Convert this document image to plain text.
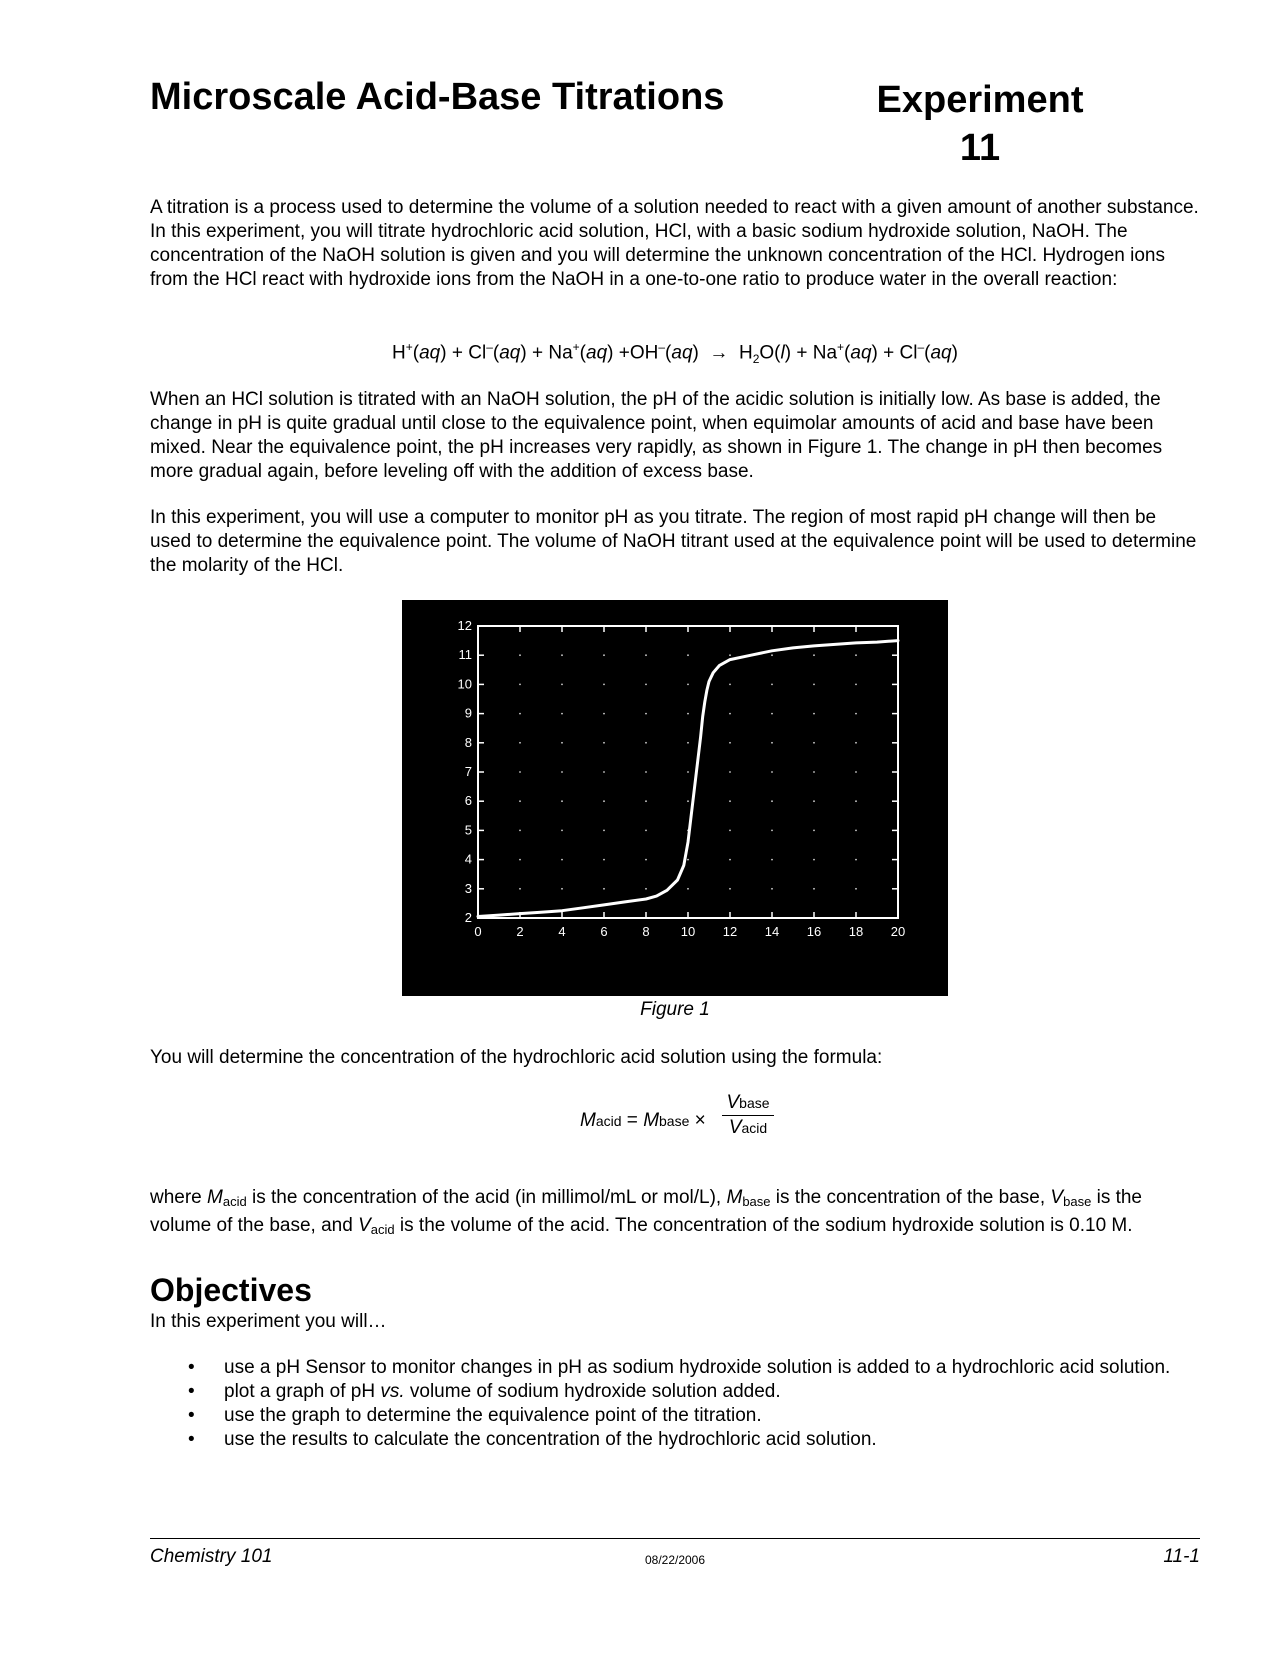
Microscale Acid-Base Titrations	Experiment
11

A titration is a process used to determine the volume of a solution needed to react with a given amount of another substance. In this experiment, you will titrate hydrochloric acid solution, HCl, with a basic sodium hydroxide solution, NaOH. The concentration of the NaOH solution is given and you will determine the unknown concentration of the HCl. Hydrogen ions from the HCl react with hydroxide ions from the NaOH in a one-to-one ratio to produce water in the overall reaction:

$H^+(aq) + Cl^-(aq) + Na^+(aq) +OH^-(aq) \to H_2O(l) + Na^+(aq) + Cl^-(aq)$

When an HCl solution is titrated with an NaOH solution, the pH of the acidic solution is initially low. As base is added, the change in pH is quite gradual until close to the equivalence point, when equimolar amounts of acid and base have been mixed. Near the equivalence point, the pH increases very rapidly, as shown in Figure 1. The change in pH then becomes more gradual again, before leveling off with the addition of excess base.

In this experiment, you will use a computer to monitor pH as you titrate. The region of most rapid pH change will then be used to determine the equivalence point. The volume of NaOH titrant used at the equivalence point will be used to determine the molarity of the HCl.

0	2	4	6	8 10 12 14 16 18 20
2
3
4
5
6
7
8
9
10
11
12

Figure 1

You will determine the concentration of the hydrochloric acid solution using the formula:

Macid = Mbase ×
Vbase
Vacid

where Macid is the concentration of the acid (in millimol/mL or mol/L), Mbase is the concentration of the base, Vbase is the volume of the base, and Vacid is the volume of the acid. The concentration of the sodium hydroxide solution is 0.10 M.

Objectives

In this experiment you will…

• use a pH Sensor to monitor changes in pH as sodium hydroxide solution is added to a hydrochloric acid solution.
• plot a graph of pH vs. volume of sodium hydroxide solution added.
• use the graph to determine the equivalence point of the titration.
• use the results to calculate the concentration of the hydrochloric acid solution.
Chemistry 101	08/22/2006	11-1
